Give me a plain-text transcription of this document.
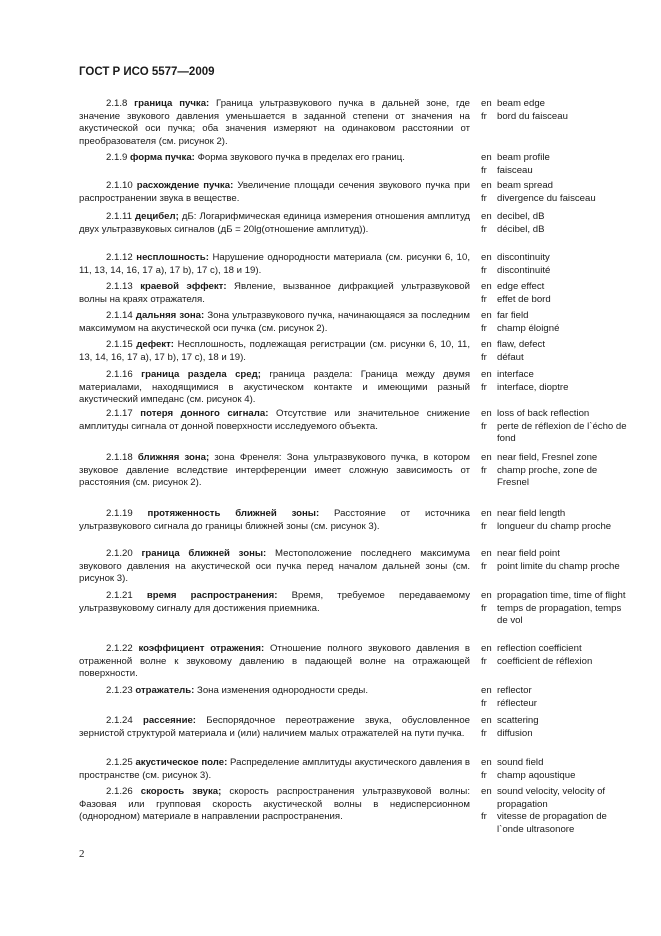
ГОСТ Р ИСО 5577—2009

2.1.8 граница пучка: Граница ультразвукового пучка в дальней зоне, где значение звукового давления уменьшается в заданной степени от значения на акустической оси пучка; оба значения измеряют на одинаковом расстоянии от преобразователя (см. рисунок 2).

en beam edge
fr	bord du faisceau

2.1.9 форма пучка: Форма звукового пучка в пределах его границ.	en beam profile
fr	faisceau

2.1.10 расхождение пучка: Увеличение площади сечения звукового пучка при распространении звука в веществе.

en beam spread
fr	divergence du faisceau

2.1.11 децибел; дБ: Логарифмическая единица измерения отношения амплитуд двух ультразвуковых сигналов (дБ = 20lg(отношение амплитуд)).

en decibel, dB
fr	décibel, dB

2.1.12 несплошность: Нарушение однородности материала (см. рисунки 6, 10, 11, 13, 14, 16, 17 а), 17 b), 17 с), 18 и 19).

en discontinuity
fr	discontinuité

2.1.13 краевой эффект: Явление, вызванное дифракцией ультразвуковой волны на краях отражателя.

en edge effect
fr	effet de bord

2.1.14 дальняя зона: Зона ультразвукового пучка, начинающаяся за последним максимумом на акустической оси пучка (см. рисунок 2).

en far field
fr	champ éloigné

2.1.15 дефект: Несплошность, подлежащая регистрации (см. рисунки 6, 10, 11, 13, 14, 16, 17 а), 17 b), 17 с), 18 и 19).

en flaw, defect
fr	défaut

2.1.16 граница раздела сред; граница раздела: Граница между двумя материалами, находящимися в акустическом контакте и имеющими разный акустический импеданс (см. рисунок 4).

en interface
fr	interface, dioptre

2.1.17 потеря донного сигнала: Отсутствие или значительное снижение амплитуды сигнала от донной поверхности исследуемого объекта.

en loss of back reflection
fr	perte de réflexion de l`écho de fond

2.1.18 ближняя зона; зона Френеля: Зона ультразвукового пучка, в котором звуковое давление вследствие интерференции имеет сложную зависимость от расстояния (см. рисунок 2).

en near field, Fresnel zone
fr	champ proche, zone de Fresnel

2.1.19 протяженность ближней зоны: Расстояние от источника ультразвукового сигнала до границы ближней зоны (см. рисунок 3).

en near field length
fr	longueur du champ proche

2.1.20 граница ближней зоны: Местоположение последнего максимума звукового давления на акустической оси пучка перед началом дальней зоны (см. рисунок 3).

en near field point
fr	point limite du champ proche

2.1.21 время распространения: Время, требуемое передаваемому ультразвуковому сигналу для достижения приемника.

en propagation time, time of flight
fr	temps de propagation, temps de vol

2.1.22 коэффициент отражения: Отношение полного звукового давления в отраженной волне к звуковому давлению в падающей волне на отражающей поверхности.

en reflection coefficient
fr	coefficient de réflexion

2.1.23 отражатель: Зона изменения однородности среды.	en reflector
fr	réflecteur

2.1.24 рассеяние: Беспорядочное переотражение звука, обусловленное зернистой структурой материала и (или) наличием малых отражателей на пути пучка.

en scattering
fr	diffusion

2.1.25 акустическое поле: Распределение амплитуды акустического давления в пространстве (см. рисунок 3).

en sound field
fr	champ aqoustique

2.1.26 скорость звука; скорость распространения ультразвуковой волны: Фазовая или групповая скорость акустической волны в недисперсионном (однородном) материале в направлении распространения.

en sound velocity, velocity of propagation
fr	vitesse de propagation de l`onde ultrasonore
2
